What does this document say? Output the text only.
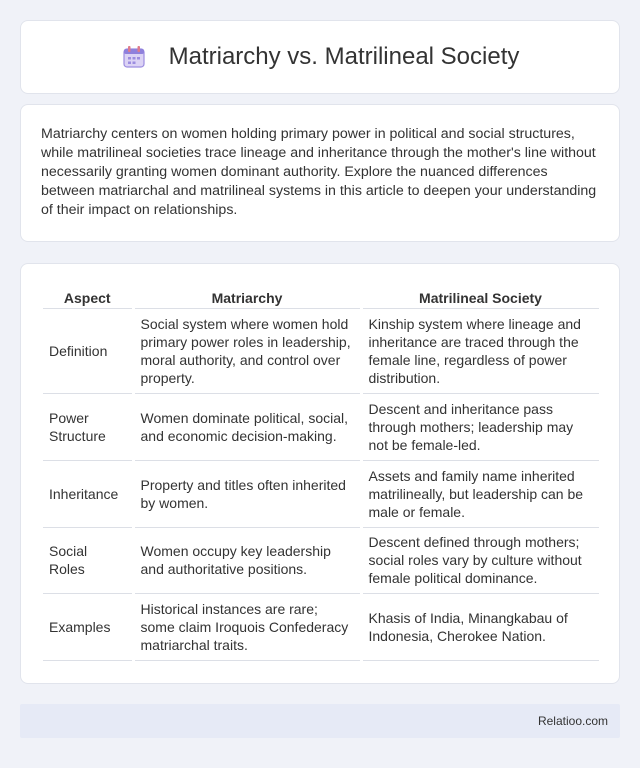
Matriarchy vs. Matrilineal Society

Matriarchy centers on women holding primary power in political and social structures, while matrilineal societies trace lineage and inheritance through the mother's line without necessarily granting women dominant authority. Explore the nuanced differences between matriarchal and matrilineal systems in this article to deepen your understanding of their impact on relationships.

Aspect	Matriarchy	Matrilineal Society
Definition	Social system where women hold primary power roles in leadership, moral authority, and control over property.	Kinship system where lineage and inheritance are traced through the female line, regardless of power distribution.
Power Structure	Women dominate political, social, and economic decision-making.	Descent and inheritance pass through mothers; leadership may not be female-led.
Inheritance	Property and titles often inherited by women.	Assets and family name inherited matrilineally, but leadership can be male or female.
Social Roles	Women occupy key leadership and authoritative positions.	Descent defined through mothers; social roles vary by culture without female political dominance.
Examples	Historical instances are rare; some claim Iroquois Confederacy matriarchal traits.	Khasis of India, Minangkabau of Indonesia, Cherokee Nation.
Relatioo.com
